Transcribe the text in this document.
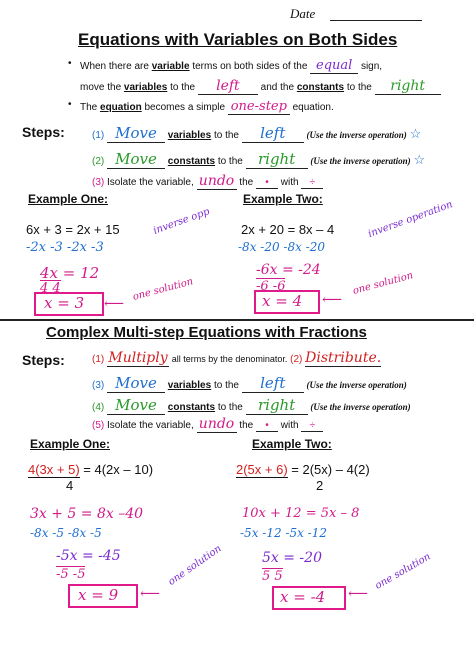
Date
Equations with Variables on Both Sides
• When there are variable terms on both sides of the equal sign,
move the variables to the left and the constants to the right
• The equation becomes a simple one-step equation.
Steps:	(1) Move variables to the left (Use the inverse operation) ☆
(2) Move constants to the right (Use the inverse operation) ☆
(3) Isolate the variable, undo the • with ÷
Example One:
6x + 3 = 2x + 15
-2x -3 -2x -3
inverse opp
4x = 12
4 4
x = 3 ⟵
one solution
Example Two:
2x + 20 = 8x – 4
-8x -20 -8x -20
inverse operation
-6x = -24
-6 -6
x = 4 ⟵
one solution
Complex Multi-step Equations with Fractions
Steps:	(1) Multiply all terms by the denominator. (2) Distribute.
(3) Move variables to the left (Use the inverse operation)
(4) Move constants to the right (Use the inverse operation)
(5) Isolate the variable, undo the • with ÷
Example One:
4(3x + 5) = 4(2x – 10)
4
3x + 5 = 8x –40
-8x -5 -8x -5
-5x = -45
-5 -5
x = 9 ⟵
one solution
Example Two:
2(5x + 6) = 2(5x) – 4(2)
2
10x + 12 = 5x – 8
-5x -12 -5x -12
5x = -20
5 5
x = -4 ⟵
one solution
